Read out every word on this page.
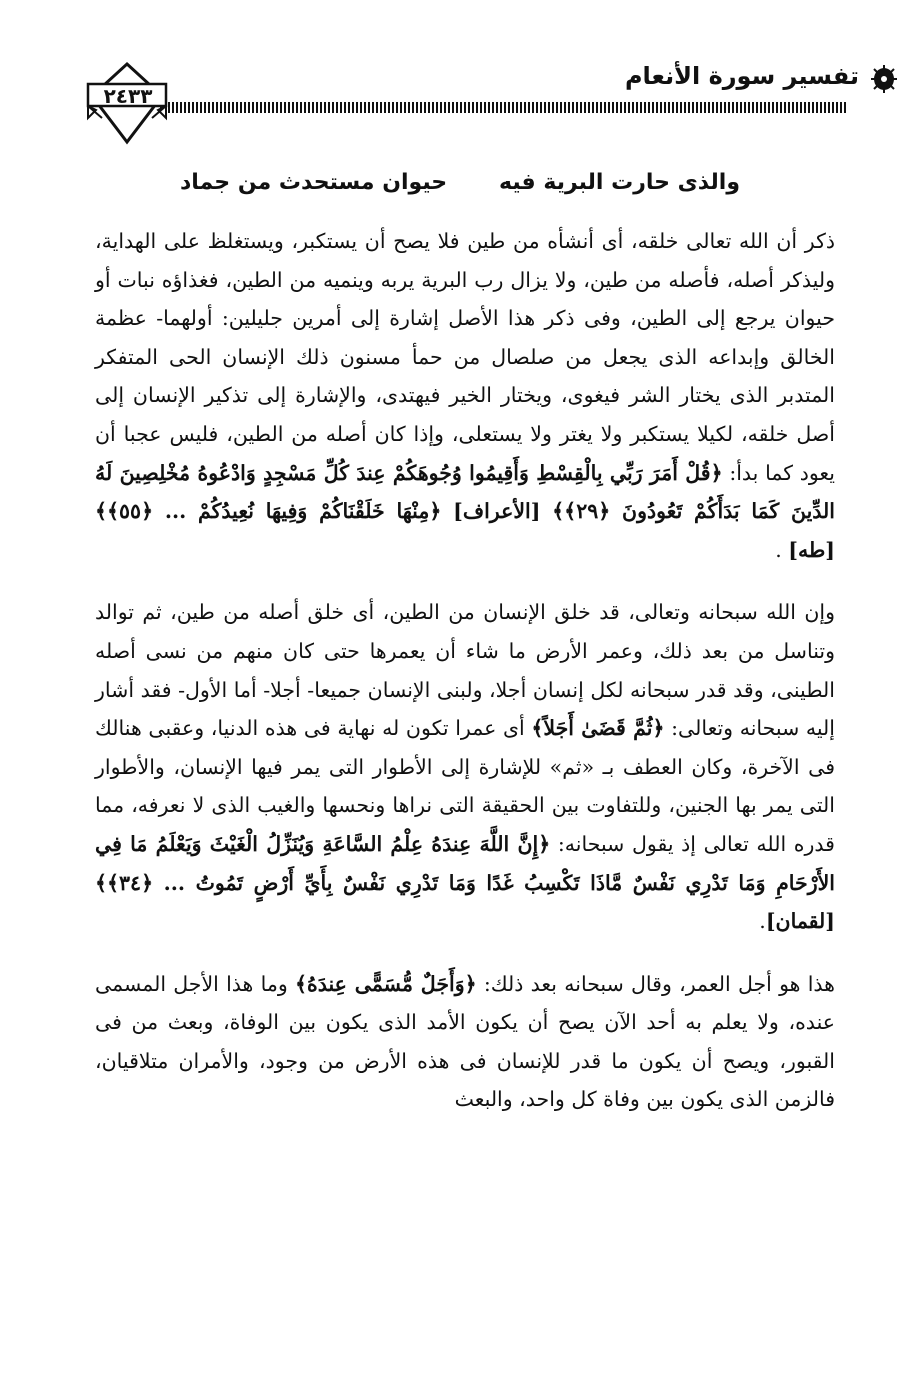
تفسير سورة الأنعام
٢٤٣٣
والذى حارت البرية فيه
حيوان مستحدث من جماد

ذكر أن الله تعالى خلقه، أى أنشأه من طين فلا يصح أن يستكبر، ويستغلظ على الهداية، وليذكر أصله، فأصله من طين، ولا يزال رب البرية يربه وينميه من الطين، فغذاؤه نبات أو حيوان يرجع إلى الطين، وفى ذكر هذا الأصل إشارة إلى أمرين جليلين: أولهما- عظمة الخالق وإبداعه الذى يجعل من صلصال من حمأ مسنون ذلك الإنسان الحى المتفكر المتدبر الذى يختار الشر فيغوى، ويختار الخير فيهتدى، والإشارة إلى تذكير الإنسان إلى أصل خلقه، لكيلا يستكبر ولا يغتر ولا يستعلى، وإذا كان أصله من الطين، فليس عجبا أن يعود كما بدأ: ﴿قُلْ أَمَرَ رَبِّي بِالْقِسْطِ وَأَقِيمُوا وُجُوهَكُمْ عِندَ كُلِّ مَسْجِدٍ وَادْعُوهُ مُخْلِصِينَ لَهُ الدِّينَ كَمَا بَدَأَكُمْ تَعُودُونَ ﴿٢٩﴾﴾ [الأعراف] ﴿مِنْهَا خَلَقْنَاكُمْ وَفِيهَا نُعِيدُكُمْ ... ﴿٥٥﴾﴾ [طه] .

وإن الله سبحانه وتعالى، قد خلق الإنسان من الطين، أى خلق أصله من طين، ثم توالد وتناسل من بعد ذلك، وعمر الأرض ما شاء أن يعمرها حتى كان منهم من نسى أصله الطينى، وقد قدر سبحانه لكل إنسان أجلا، ولبنى الإنسان جميعا- أجلا- أما الأول- فقد أشار إليه سبحانه وتعالى: ﴿ثُمَّ قَضَىٰ أَجَلاً﴾ أى عمرا تكون له نهاية فى هذه الدنيا، وعقبى هنالك فى الآخرة، وكان العطف بـ «ثم» للإشارة إلى الأطوار التى يمر فيها الإنسان، والأطوار التى يمر بها الجنين، وللتفاوت بين الحقيقة التى نراها ونحسها والغيب الذى لا نعرفه، مما قدره الله تعالى إذ يقول سبحانه: ﴿إِنَّ اللَّهَ عِندَهُ عِلْمُ السَّاعَةِ وَيُنَزِّلُ الْغَيْثَ وَيَعْلَمُ مَا فِي الأَرْحَامِ وَمَا تَدْرِي نَفْسٌ مَّاذَا تَكْسِبُ غَدًا وَمَا تَدْرِي نَفْسٌ بِأَيِّ أَرْضٍ تَمُوتُ ... ﴿٣٤﴾﴾ [لقمان].

هذا هو أجل العمر، وقال سبحانه بعد ذلك: ﴿وَأَجَلٌ مُّسَمًّى عِندَهُ﴾ وما هذا الأجل المسمى عنده، ولا يعلم به أحد الآن يصح أن يكون الأمد الذى يكون بين الوفاة، وبعث من فى القبور، ويصح أن يكون ما قدر للإنسان فى هذه الأرض من وجود، والأمران متلاقيان، فالزمن الذى يكون بين وفاة كل واحد، والبعث
